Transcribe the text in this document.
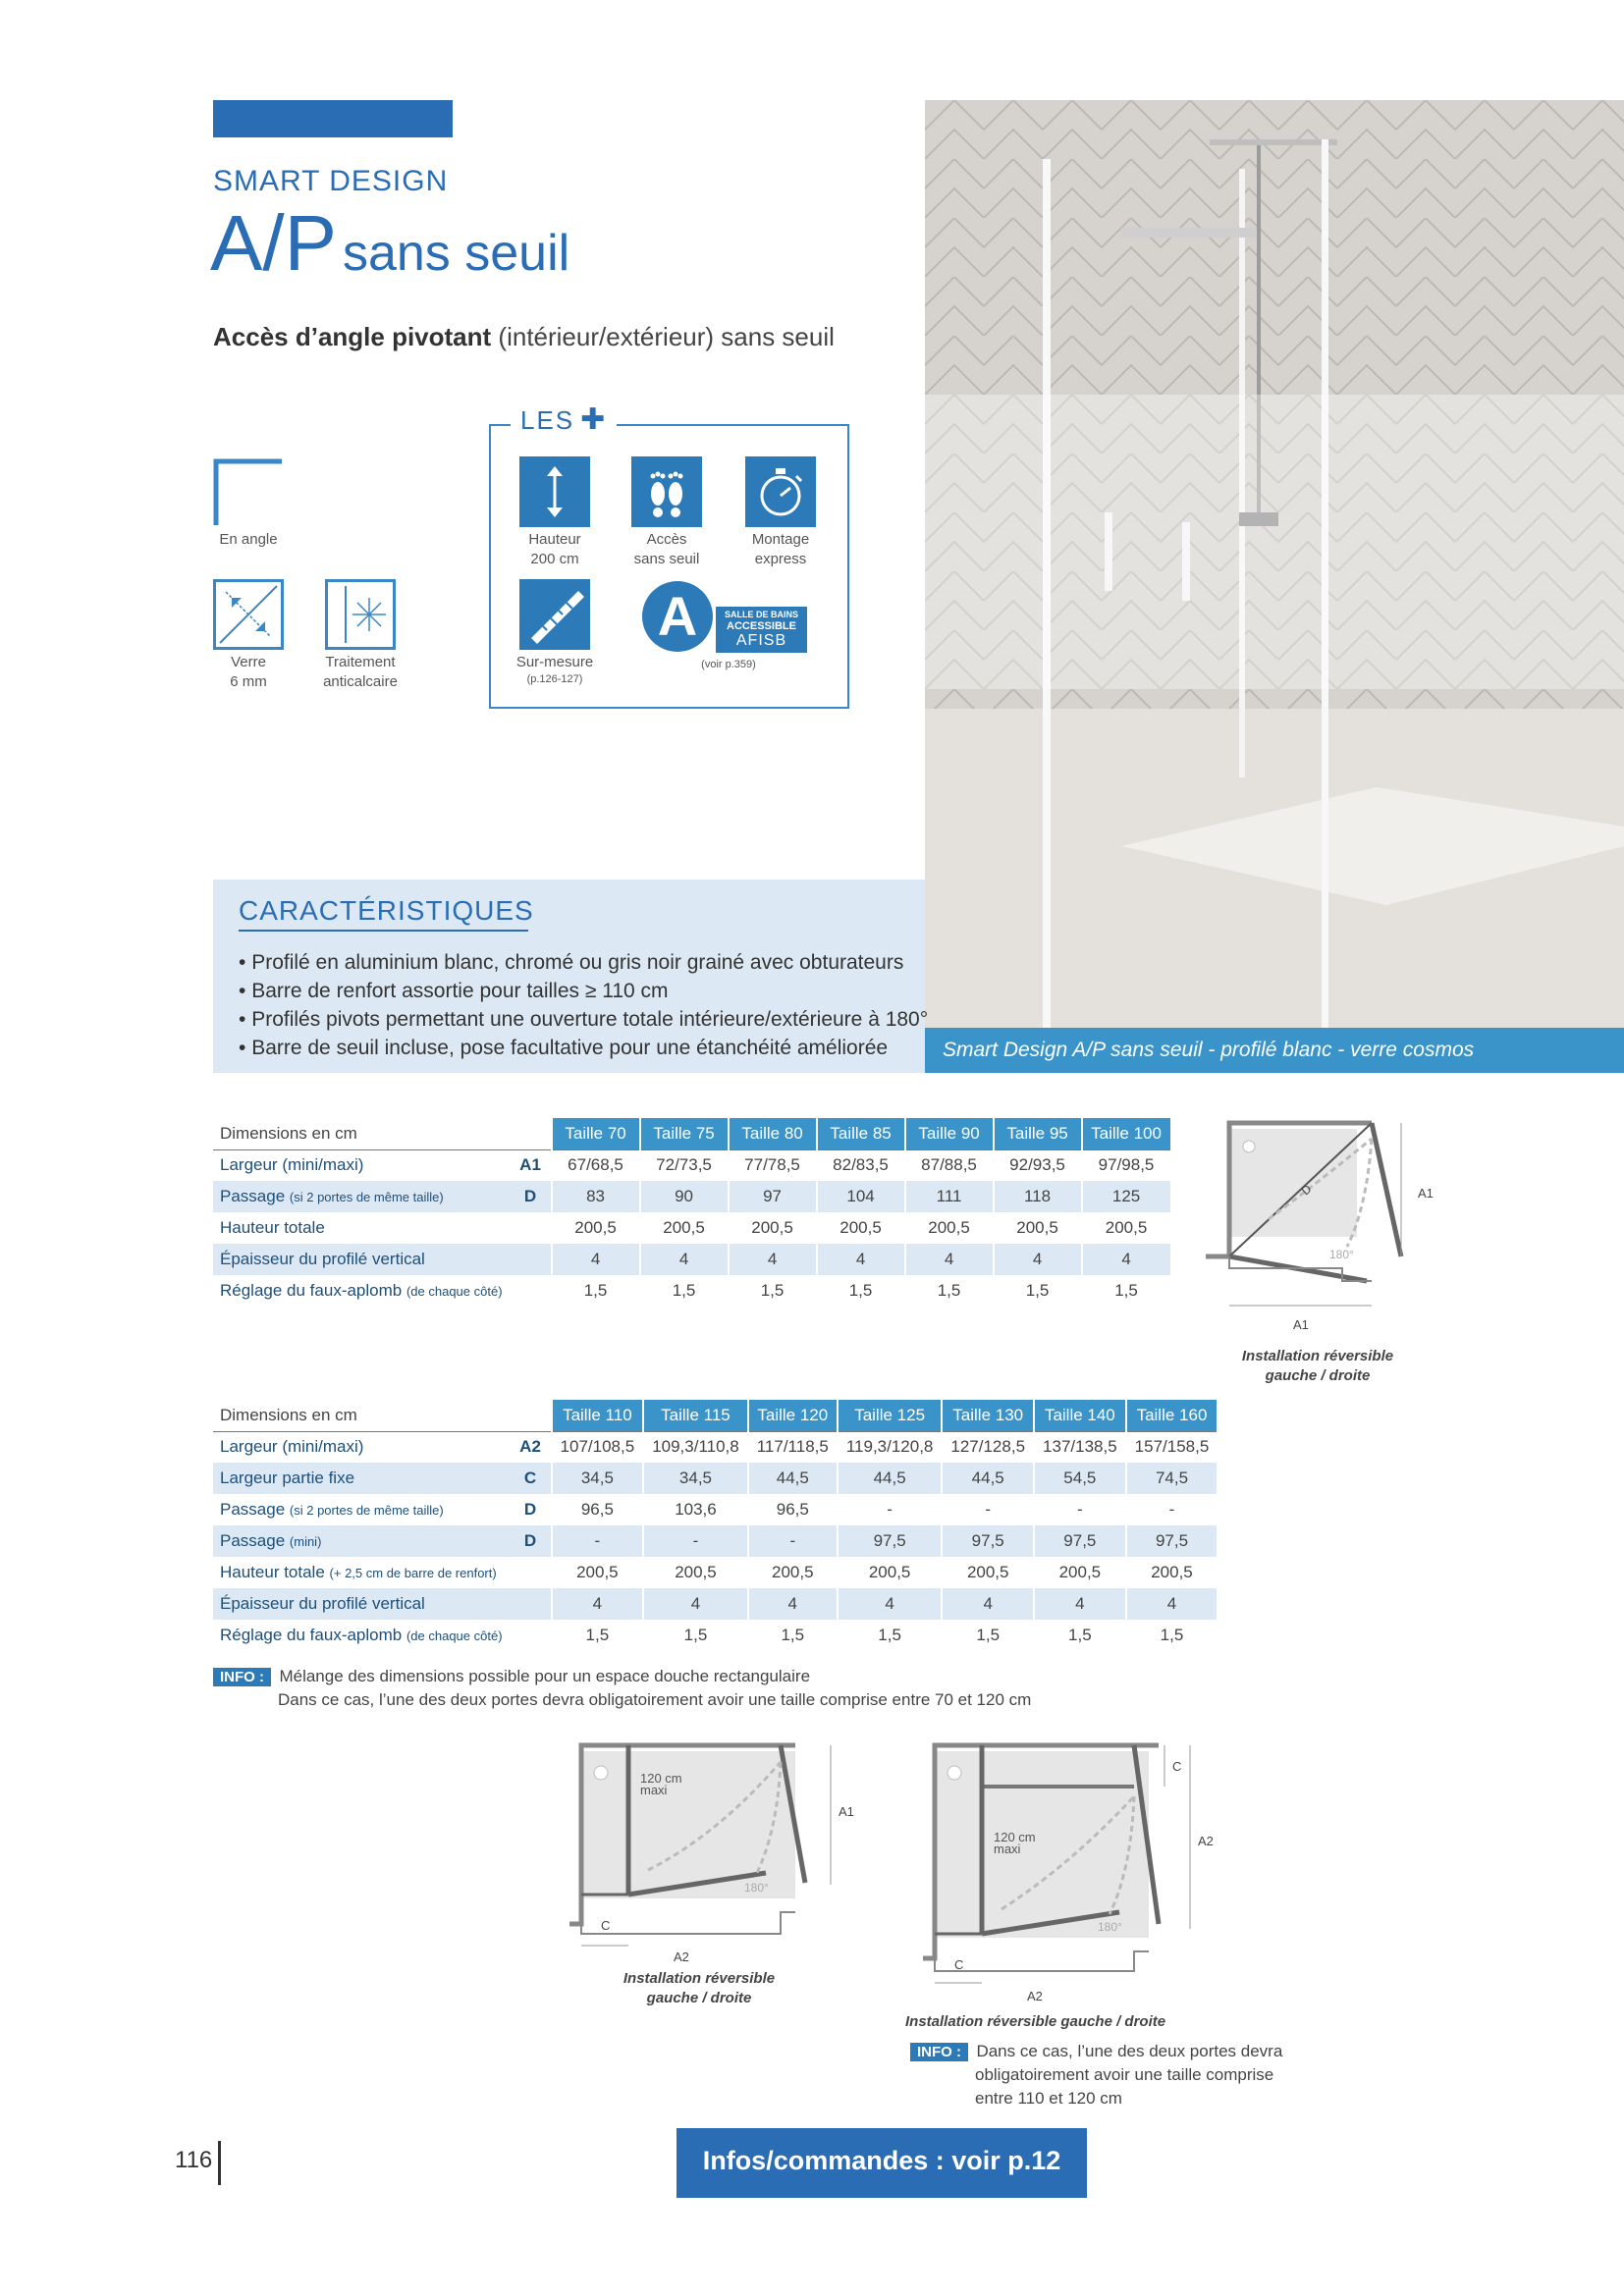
SMART DESIGN
A/P sans seuil
Accès d’angle pivotant (intérieur/extérieur) sans seuil
En angle
Verre
6 mm
Traitement
anticalcaire
LES ✚
Hauteur
200 cm
Accès
sans seuil
Montage
express
Sur-mesure
(p.126-127)
A	SALLE DE BAINS
ACCESSIBLE
AFISB
(voir p.359)
Smart Design A/P sans seuil - profilé blanc - verre cosmos
CARACTÉRISTIQUES
• Profilé en aluminium blanc, chromé ou gris noir grainé avec obturateurs
• Barre de renfort assortie pour tailles ≥ 110 cm
• Profilés pivots permettant une ouverture totale intérieure/extérieure à 180°
• Barre de seuil incluse, pose facultative pour une étanchéité améliorée
Dimensions en cm		Taille 70	Taille 75	Taille 80	Taille 85	Taille 90	Taille 95	Taille 100
Largeur (mini/maxi)	A1	67/68,5	72/73,5	77/78,5	82/83,5	87/88,5	92/93,5	97/98,5
Passage (si 2 portes de même taille)	D	83	90	97	104	111	118	125
Hauteur totale		200,5	200,5	200,5	200,5	200,5	200,5	200,5
Épaisseur du profilé vertical		4	4	4	4	4	4	4
Réglage du faux-aplomb (de chaque côté)		1,5	1,5	1,5	1,5	1,5	1,5	1,5
D	A1
A1
180°
Installation réversible
gauche / droite
Dimensions en cm		Taille 110	Taille 115	Taille 120	Taille 125	Taille 130	Taille 140	Taille 160
Largeur (mini/maxi)	A2	107/108,5	109,3/110,8	117/118,5	119,3/120,8	127/128,5	137/138,5	157/158,5
Largeur partie fixe	C	34,5	34,5	44,5	44,5	44,5	54,5	74,5
Passage (si 2 portes de même taille)	D	96,5	103,6	96,5	-	-	-	-
Passage (mini)	D	-	-	-	97,5	97,5	97,5	97,5
Hauteur totale (+ 2,5 cm de barre de renfort)		200,5	200,5	200,5	200,5	200,5	200,5	200,5
Épaisseur du profilé vertical		4	4	4	4	4	4	4
Réglage du faux-aplomb (de chaque côté)		1,5	1,5	1,5	1,5	1,5	1,5	1,5
INFO : Mélange des dimensions possible pour un espace douche rectangulaire
Dans ce cas, l’une des deux portes devra obligatoirement avoir une taille comprise entre 70 et 120 cm
120 cm
maxi
A1
C
A2
180°
Installation réversible
gauche / droite
120 cm
maxi
C
A2
C
A2
180°
Installation réversible gauche / droite
INFO : Dans ce cas, l’une des deux portes devra
obligatoirement avoir une taille comprise
entre 110 et 120 cm
116	Infos/commandes : voir p.12
